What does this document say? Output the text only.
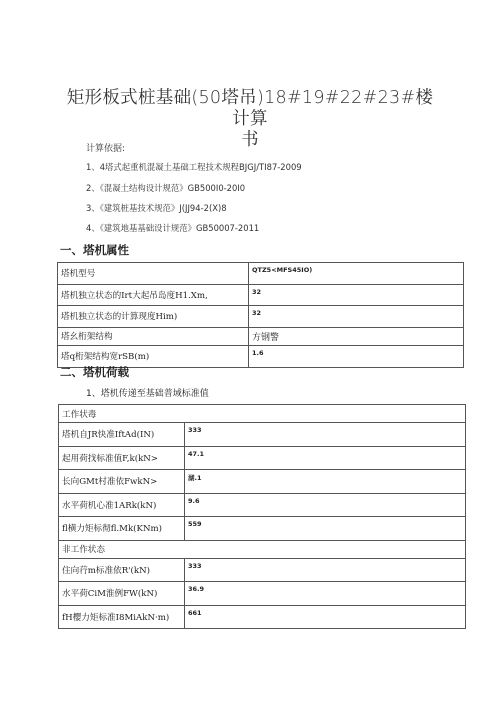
矩形板式桩基础(50塔吊)18#19#22#23#楼计算
书
计算依据:
1、4塔式起重机混凝土基础工程技术规程BJGJ/TI87-2009
2、《混凝土结构设计规范》GB500I0-20I0
3、《建筑桩基技术规范》J(JJ94-2(X)8
4、《建筑地基基础设计规范》GB50007-2011
一、塔机属性
塔机型号	QTZ5<MFS45IO)
塔机独立状态的Irt大起吊岛度H1.Xm,	32
塔机独立状态的计算现度Him)	32
塔幺桁架结构	方钢警
塔q桁架结构宽rSB(m)	1.6
二、塔机荷载
1、塔机传递至基础普域标准值
工作状毒	
塔机自JR快准IftAd(IN)	333
起用荷找标准值F,k(kN>	47.1
长向GMt村准依FwkN>	湖.1
水平荷机心准1ARk(kN)	9.6
fl横力矩标彻fl.Mk(KNm)	559
非工作状态	
住向荇m标准依R'(kN)	333
水平荷CiM淮例FW(kN)	36.9
fH樱力矩标准I8MiAkN·m)	661
